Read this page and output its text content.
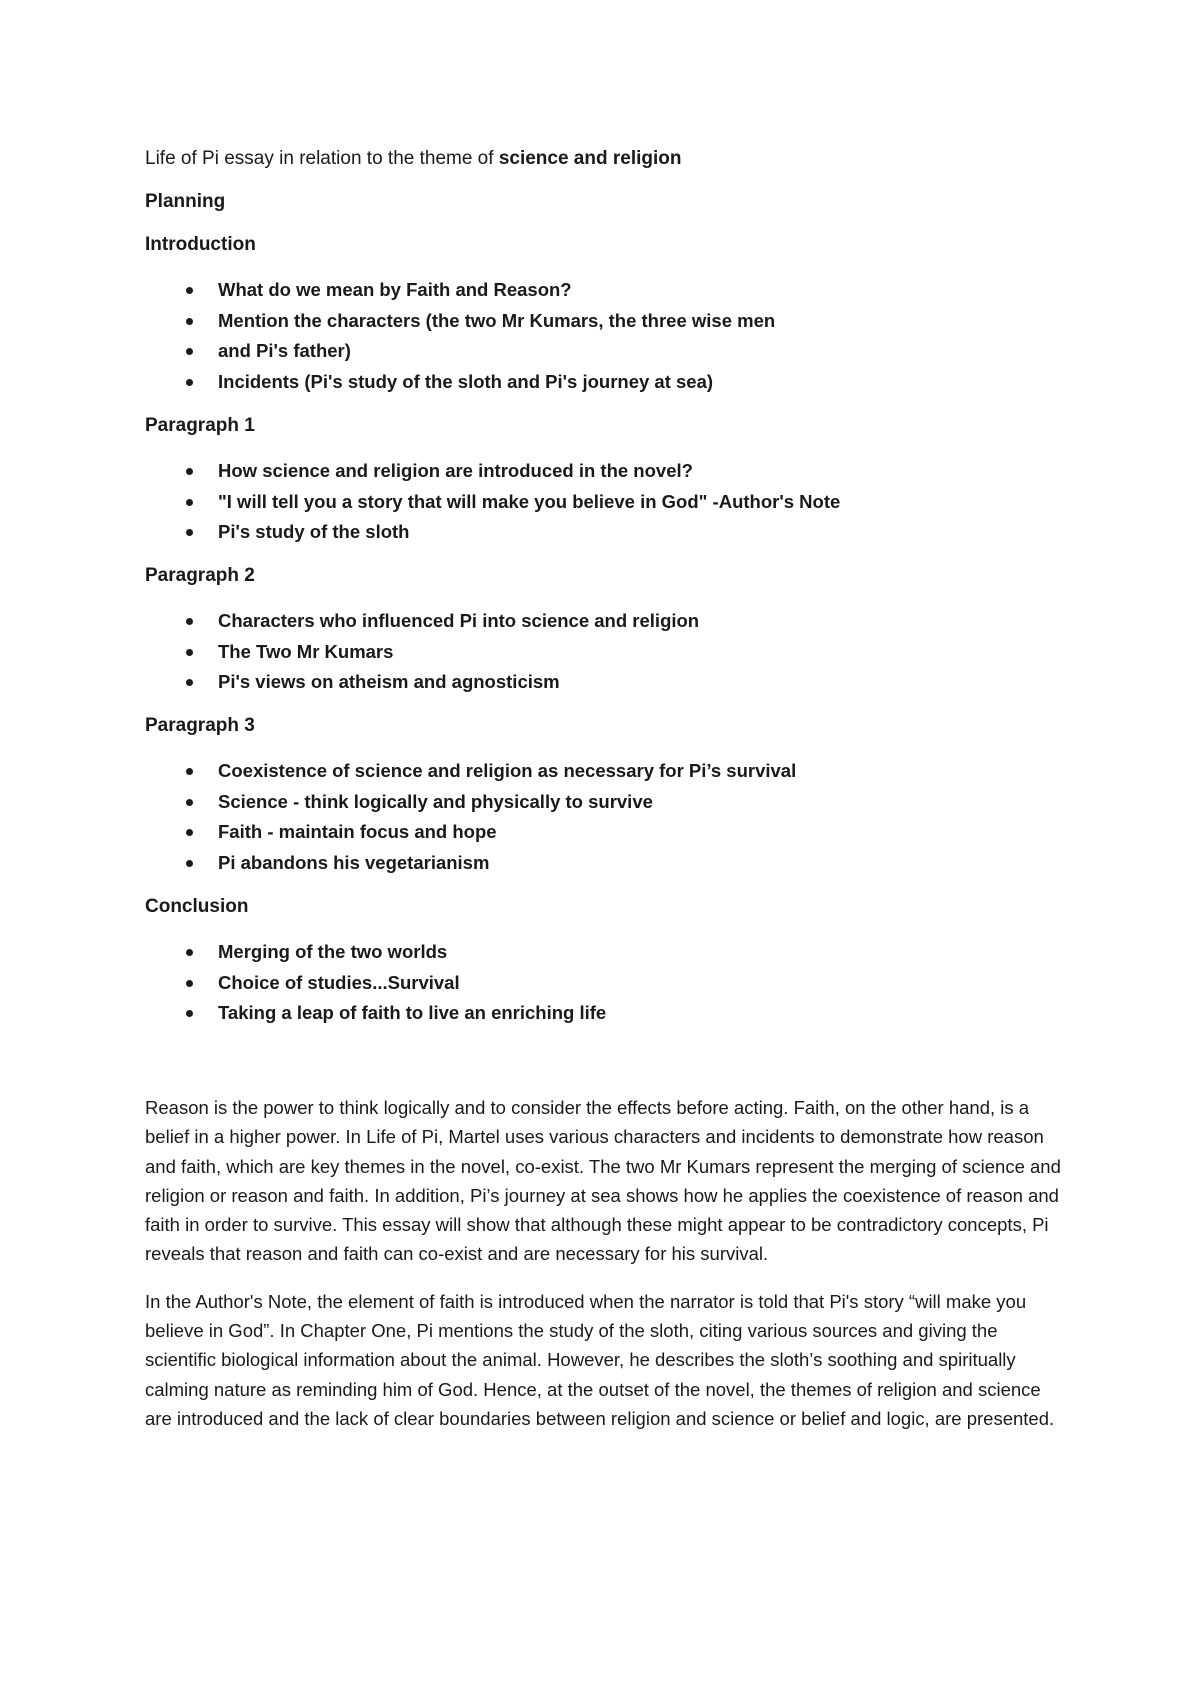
Life of Pi essay in relation to the theme of science and religion

Planning

Introduction

What do we mean by Faith and Reason?
Mention the characters (the two Mr Kumars, the three wise men
and Pi's father)
Incidents (Pi's study of the sloth and Pi's journey at sea)

Paragraph 1

How science and religion are introduced in the novel?
"I will tell you a story that will make you believe in God" -Author's Note
Pi's study of the sloth

Paragraph 2

Characters who influenced Pi into science and religion
The Two Mr Kumars
Pi's views on atheism and agnosticism

Paragraph 3

Coexistence of science and religion as necessary for Pi’s survival
Science - think logically and physically to survive
Faith - maintain focus and hope
Pi abandons his vegetarianism

Conclusion

Merging of the two worlds
Choice of studies...Survival
Taking a leap of faith to live an enriching life

Reason is the power to think logically and to consider the effects before acting. Faith, on the other hand, is a belief in a higher power. In Life of Pi, Martel uses various characters and incidents to demonstrate how reason and faith, which are key themes in the novel, co-exist. The two Mr Kumars represent the merging of science and religion or reason and faith. In addition, Pi’s journey at sea shows how he applies the coexistence of reason and faith in order to survive. This essay will show that although these might appear to be contradictory concepts, Pi reveals that reason and faith can co-exist and are necessary for his survival.

In the Author's Note, the element of faith is introduced when the narrator is told that Pi's story “will make you believe in God”. In Chapter One, Pi mentions the study of the sloth, citing various sources and giving the scientific biological information about the animal. However, he describes the sloth’s soothing and spiritually calming nature as reminding him of God. Hence, at the outset of the novel, the themes of religion and science are introduced and the lack of clear boundaries between religion and science or belief and logic, are presented.
